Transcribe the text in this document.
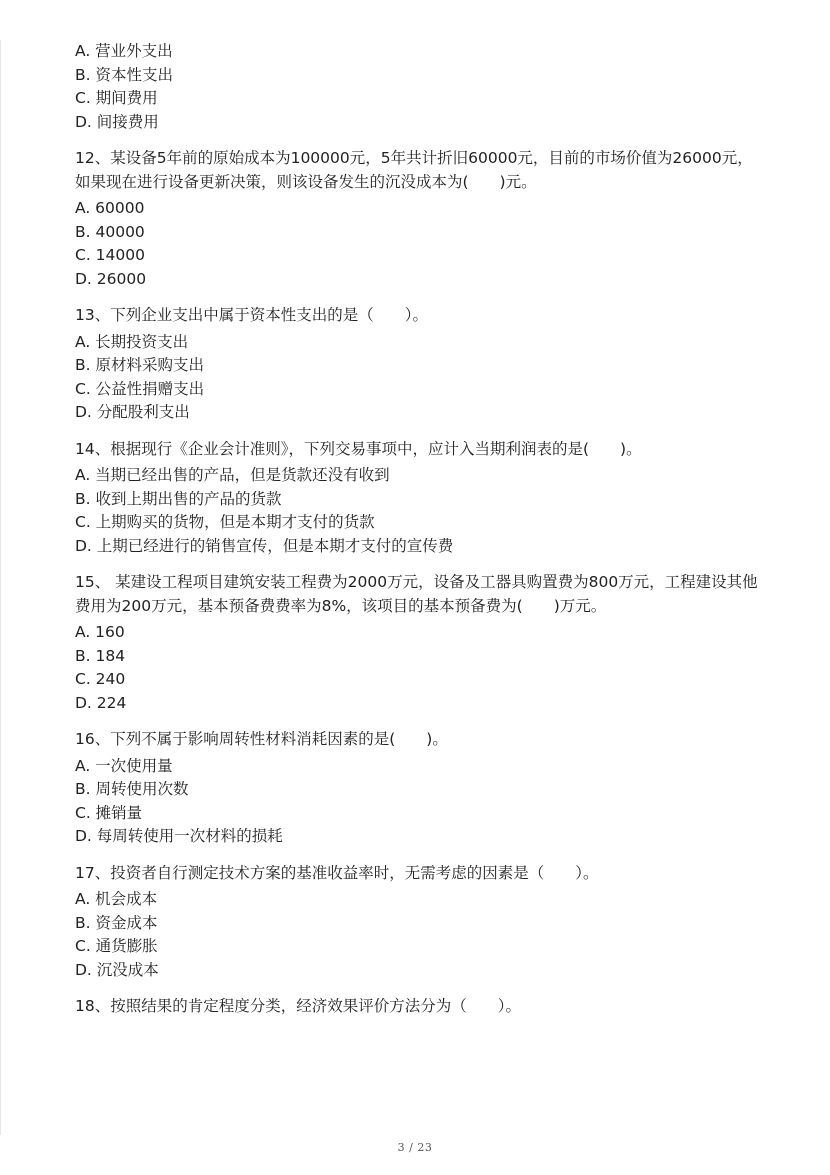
A. 营业外支出
B. 资本性支出
C. 期间费用
D. 间接费用
12、某设备5年前的原始成本为100000元，5年共计折旧60000元，目前的市场价值为26000元，如果现在进行设备更新决策，则该设备发生的沉没成本为(　　)元。
A. 60000
B. 40000
C. 14000
D. 26000
13、下列企业支出中属于资本性支出的是（　　）。
A. 长期投资支出
B. 原材料采购支出
C. 公益性捐赠支出
D. 分配股利支出
14、根据现行《企业会计准则》，下列交易事项中，应计入当期利润表的是(　　)。
A. 当期已经出售的产品，但是货款还没有收到
B. 收到上期出售的产品的货款
C. 上期购买的货物，但是本期才支付的货款
D. 上期已经进行的销售宣传，但是本期才支付的宣传费
15、 某建设工程项目建筑安装工程费为2000万元，设备及工器具购置费为800万元，工程建设其他费用为200万元，基本预备费费率为8%，该项目的基本预备费为(　　)万元。
A. 160
B. 184
C. 240
D. 224
16、下列不属于影响周转性材料消耗因素的是(　　)。
A. 一次使用量
B. 周转使用次数
C. 摊销量
D. 每周转使用一次材料的损耗
17、投资者自行测定技术方案的基准收益率时，无需考虑的因素是（　　）。
A. 机会成本
B. 资金成本
C. 通货膨胀
D. 沉没成本
18、按照结果的肯定程度分类，经济效果评价方法分为（　　）。
3 / 23
